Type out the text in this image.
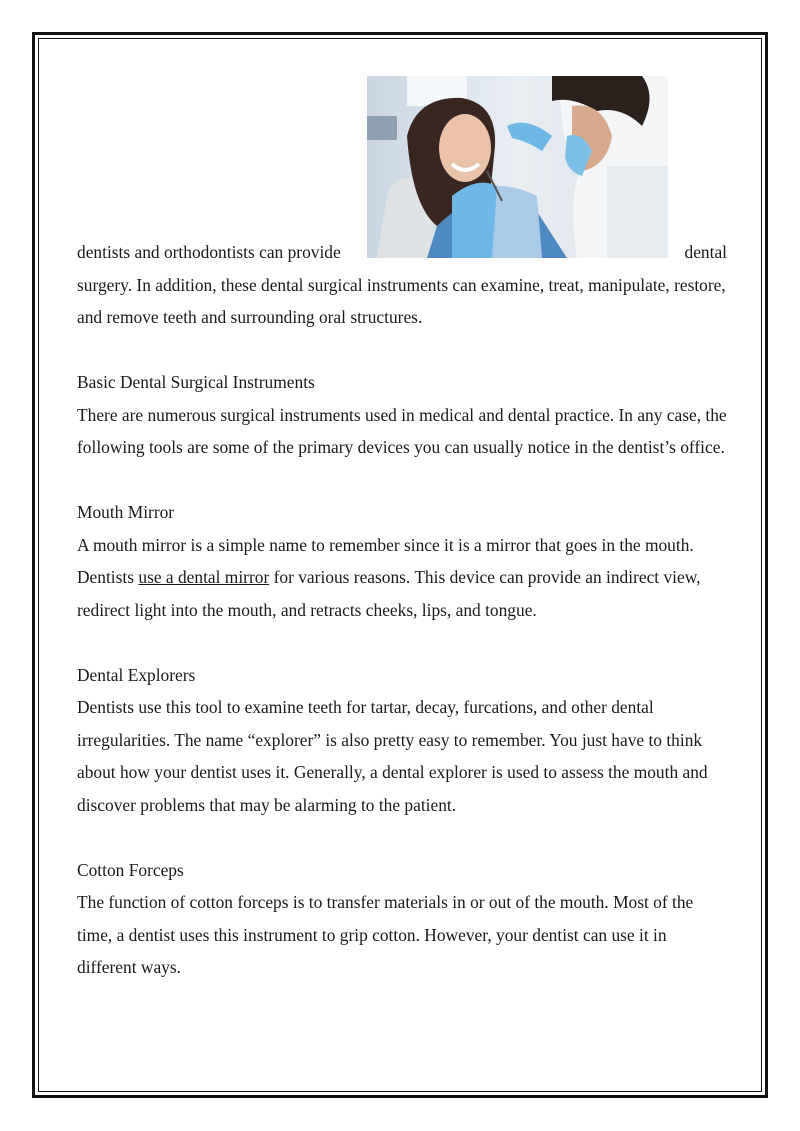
dentists and orthodontists can provide	dental
surgery. In addition, these dental surgical instruments can examine, treat, manipulate, restore, and remove teeth and surrounding oral structures.

Basic Dental Surgical Instruments

There are numerous surgical instruments used in medical and dental practice. In any case, the following tools are some of the primary devices you can usually notice in the dentist’s office.

Mouth Mirror

A mouth mirror is a simple name to remember since it is a mirror that goes in the mouth. Dentists use a dental mirror for various reasons. This device can provide an indirect view, redirect light into the mouth, and retracts cheeks, lips, and tongue.

Dental Explorers

Dentists use this tool to examine teeth for tartar, decay, furcations, and other dental irregularities. The name “explorer” is also pretty easy to remember. You just have to think about how your dentist uses it. Generally, a dental explorer is used to assess the mouth and discover problems that may be alarming to the patient.

Cotton Forceps

The function of cotton forceps is to transfer materials in or out of the mouth. Most of the time, a dentist uses this instrument to grip cotton. However, your dentist can use it in different ways.
